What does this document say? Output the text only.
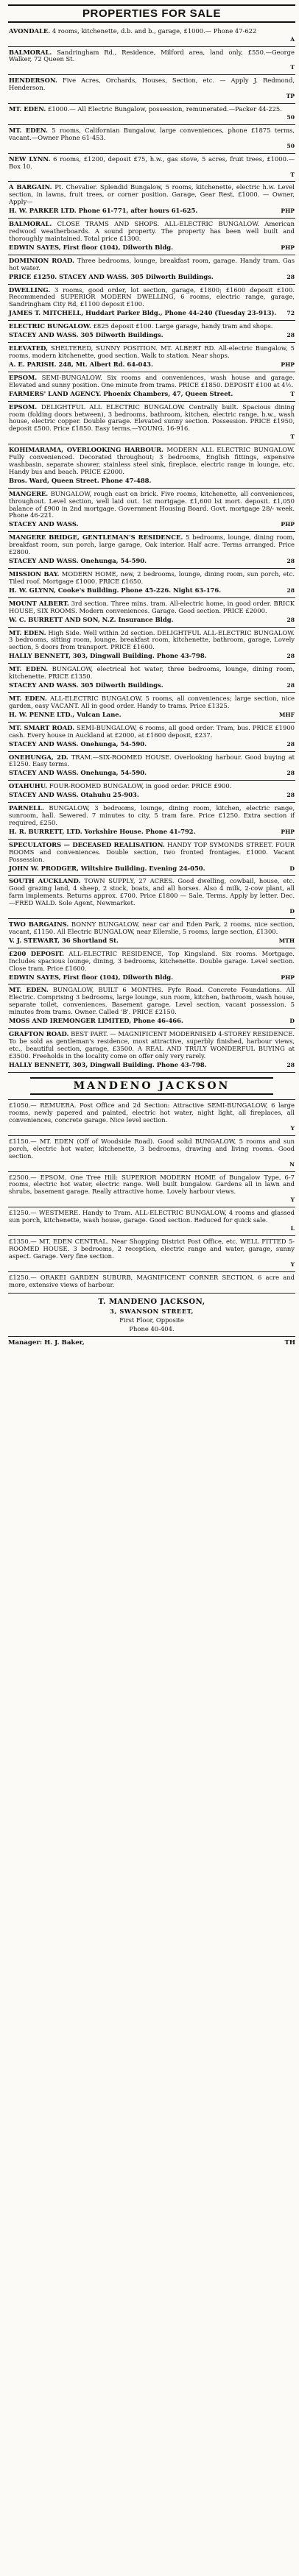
PROPERTIES FOR SALE
AVONDALE. 4 rooms, kitchenette, d.b. and b., garage, £1000.— Phone 47-622
A
BALMORAL. Sandringham Rd., Residence, Milford area, land only, £550.—George Walker, 72 Queen St.
T
HENDERSON. Five Acres, Orchards, Houses, Section, etc. — Apply J. Redmond, Henderson.
TP
MT. EDEN. £1000.— All Electric Bungalow, possession, remunerated.—Packer 44-225.
50
MT. EDEN. 5 rooms, Californian Bungalow, large conveniences, phone £1875 terms, vacant.—Owner Phone 61-453.
50
NEW LYNN. 6 rooms, £1200, deposit £75, h.w., gas stove, 5 acres, fruit trees, £1000.—Box 10.
T
A BARGAIN. Pt. Chevalier. Splendid Bungalow, 5 rooms, kitchenette, electric h.w. Level section, in lawns, fruit trees, or corner position. Garage, Gear Rest, £1000. — Owner, Apply—
H. W. PARKER LTD. Phone 61-771, after hours 61-625.	PHP
BALMORAL. CLOSE TRAMS AND SHOPS. ALL-ELECTRIC BUNGALOW. American redwood weatherboards. A sound property. The property has been well built and thoroughly maintained. Total price £1300.
EDWIN SAYES, First floor (104), Dilworth Bldg.	PHP
DOMINION ROAD. Three bedrooms, lounge, breakfast room, garage. Handy tram. Gas hot water.
PRICE £1250. STACEY AND WASS. 305 Dilworth Buildings.	28
DWELLING. 3 rooms, good order, lot section, garage, £1800; £1600 deposit £100. Recommended SUPERIOR MODERN DWELLING, 6 rooms, electric range, garage, Sandringham City Rd, £1100 deposit £100.
JAMES T. MITCHELL, Huddart Parker Bldg., Phone 44-240 (Tuesday 23-913). 72
ELECTRIC BUNGALOW. £825 deposit £100. Large garage, handy tram and shops.
STACEY AND WASS. 305 Dilworth Buildings.	28
ELEVATED, SHELTERED, SUNNY POSITION. MT. ALBERT RD. All-electric Bungalow, 5 rooms, modern kitchenette, good section. Walk to station. Near shops.
A. E. PARISH. 248, Mt. Albert Rd. 64-043.	PHP
EPSOM. SEMI-BUNGALOW. Six rooms and conveniences, wash house and garage. Elevated and sunny position. One minute from trams. PRICE £1850. DEPOSIT £100 at 4½.
FARMERS' LAND AGENCY. Phoenix Chambers, 47, Queen Street.	T
EPSOM. DELIGHTFUL ALL ELECTRIC BUNGALOW. Centrally built. Spacious dining room (folding doors between), 3 bedrooms, bathroom, kitchen, electric range, h.w., wash house, electric copper. Double garage. Elevated sunny section. Possession. PRICE £1950, deposit £500. Price £1850. Easy terms.—YOUNG, 16-916.
T
KOHIMARAMA, OVERLOOKING HARBOUR. MODERN ALL ELECTRIC BUNGALOW. Fully convenienced. Decorated throughout; 3 bedrooms, English fittings, expensive washbasin, separate shower, stainless steel sink, fireplace, electric range in lounge, etc. Handy bus and beach. PRICE £2000.
Bros. Ward, Queen Street. Phone 47-488.
MANGERE. BUNGALOW, rough cast on brick. Five rooms, kitchenette, all conveniences, throughout. Level section, well laid out. 1st mortgage. £1,600 lst mort. deposit. £1,050 balance of £900 in 2nd mortgage. Government Housing Board. Govt. mortgage 28/- week. Phone 46-221.
STACEY AND WASS.	PHP
MANGERE BRIDGE, GENTLEMAN'S RESIDENCE. 5 bedrooms, lounge, dining room, breakfast room, sun porch, large garage, Oak interior. Half acre. Terms arranged. Price £2800.
STACEY AND WASS. Onehunga, 54-590.	28
MISSION BAY. MODERN HOME, new, 2 bedrooms, lounge, dining room, sun porch, etc. Tiled roof. Mortgage £1000. PRICE £1650.
H. W. GLYNN, Cooke's Building. Phone 45-226. Night 63-176.	28
MOUNT ALBERT. 3rd section. Three mins. tram. All-electric home, in good order. BRICK HOUSE, SIX ROOMS. Modern conveniences. Garage. Good section. PRICE £2000.
W. C. BURRETT AND SON, N.Z. Insurance Bldg.	28
MT. EDEN. High Side. Well within 2d section. DELIGHTFUL ALL-ELECTRIC BUNGALOW. 3 bedrooms, sitting room, lounge, breakfast room, kitchenette, bathroom, garage, Lovely section, 5 doors from transport. PRICE £1600.
HALLY BENNETT, 303, Dingwall Building. Phone 43-798.	28
MT. EDEN. BUNGALOW, electrical hot water, three bedrooms, lounge, dining room, kitchenette. PRICE £1350.
STACEY AND WASS. 305 Dilworth Buildings.	28
MT. EDEN. ALL-ELECTRIC BUNGALOW, 5 rooms, all conveniences; large section, nice garden, easy VACANT. All in good order. Handy to trams. Price £1325.
H. W. PENNE LTD., Vulcan Lane.	MHF
MT. SMART ROAD. SEMI-BUNGALOW, 6 rooms, all good order. Tram, bus. PRICE £1900 cash. Every house in Auckland at £2000, at £1600 deposit, £237.
STACEY AND WASS. Onehunga, 54-590.	28
ONEHUNGA, 2D. TRAM.—SIX-ROOMED HOUSE. Overlooking harbour. Good buying at £1250. Easy terms.
STACEY AND WASS. Onehunga, 54-590.	28
OTAHUHU. FOUR-ROOMED BUNGALOW, in good order. PRICE £900.
STACEY AND WASS. Otahuhu 25-903.	28
PARNELL. BUNGALOW, 3 bedrooms, lounge, dining room, kitchen, electric range, sunroom, hall. Sewered. 7 minutes to city, 5 tram fare. Price £1250. Extra section if required, £250.
H. R. BURRETT, LTD. Yorkshire House. Phone 41-792.	PHP
SPECULATORS — DECEASED REALISATION. HANDY TOP SYMONDS STREET. FOUR ROOMS and conveniences. Double section, two fronted frontages. £1000. Vacant Possession.
JOHN W. PRODGER, Wiltshire Building. Evening 24-050.	D
SOUTH AUCKLAND. TOWN SUPPLY, 27 ACRES. Good dwelling, cowbail, house, etc. Good grazing land, 4 sheep, 2 stock, boats, and all horses. Also 4 milk, 2-cow plant, all farm implements. Returns approx. £700. Price £1800 — Sale. Terms. Apply by letter. Dec.—FRED WALD. Sole Agent, Newmarket.
D
TWO BARGAINS. BONNY BUNGALOW, near car and Eden Park, 2 rooms, nice section, vacant, £1150. All Electric BUNGALOW, near Ellerslie, 5 rooms, large section, £1300.
V. J. STEWART, 36 Shortland St.	MTH
£200 DEPOSIT. ALL-ELECTRIC RESIDENCE, Top Kingsland. Six rooms. Mortgage. Includes spacious lounge, dining, 3 bedrooms, kitchenette. Double garage. Level section. Close tram. Price £1600.
EDWIN SAYES, First floor (104), Dilworth Bldg.	PHP
MT. EDEN. BUNGALOW, BUILT 6 MONTHS. Fyfe Road. Concrete Foundations. All Electric. Comprising 3 bedrooms, large lounge, sun room, kitchen, bathroom, wash house, separate toilet, conveniences. Basement garage. Level section, vacant possession. 5 minutes from trams. Owner. Called 'B'. PRICE £2150.
MOSS AND IREMONGER LIMITED, Phone 46-466.	D
GRAFTON ROAD. BEST PART. — MAGNIFICENT MODERNISED 4-STOREY RESIDENCE. To be sold as gentleman's residence, most attractive, superbly finished, harbour views, etc., beautiful section, garage, £3500. A REAL AND TRULY WONDERFUL BUYING at £3500. Freeholds in the locality come on offer only very rarely.
HALLY BENNETT, 303, Dingwall Building. Phone 43-798.	28
MANDENO JACKSON
£1050.— REMUERA. Post Office and 2d Section: Attractive SEMI-BUNGALOW, 6 large rooms, newly papered and painted, electric hot water, night light, all fireplaces, all conveniences, concrete garage. Nice level section.
Y
£1150.— MT. EDEN (Off of Woodside Road). Good solid BUNGALOW, 5 rooms and sun porch, electric hot water, kitchenette, 3 bedrooms, drawing and living rooms. Good section.
N
£2500.— EPSOM. One Tree Hill: SUPERIOR MODERN HOME of Bungalow Type, 6-7 rooms, electric hot water, electric range. Well built bungalow. Gardens all in lawn and shrubs, basement garage. Really attractive home. Lovely harbour views.
Y
£1250.— WESTMERE. Handy to Tram. ALL-ELECTRIC BUNGALOW, 4 rooms and glassed sun porch, kitchenette, wash house, garage. Good section. Reduced for quick sale.
L
£1350.— MT. EDEN CENTRAL. Near Shopping District Post Office, etc. WELL FITTED 5-ROOMED HOUSE. 3 bedrooms, 2 reception, electric range and water, garage, sunny aspect. Garage. Very fine section.
Y
£1250.— ORAKEI GARDEN SUBURB, MAGNIFICENT CORNER SECTION, 6 acre and more, extensive views of harbour.
T. MANDENO JACKSON,
3, SWANSON STREET,
First Floor, Opposite
Phone 40-404.
Manager: H. J. Baker,	TH
